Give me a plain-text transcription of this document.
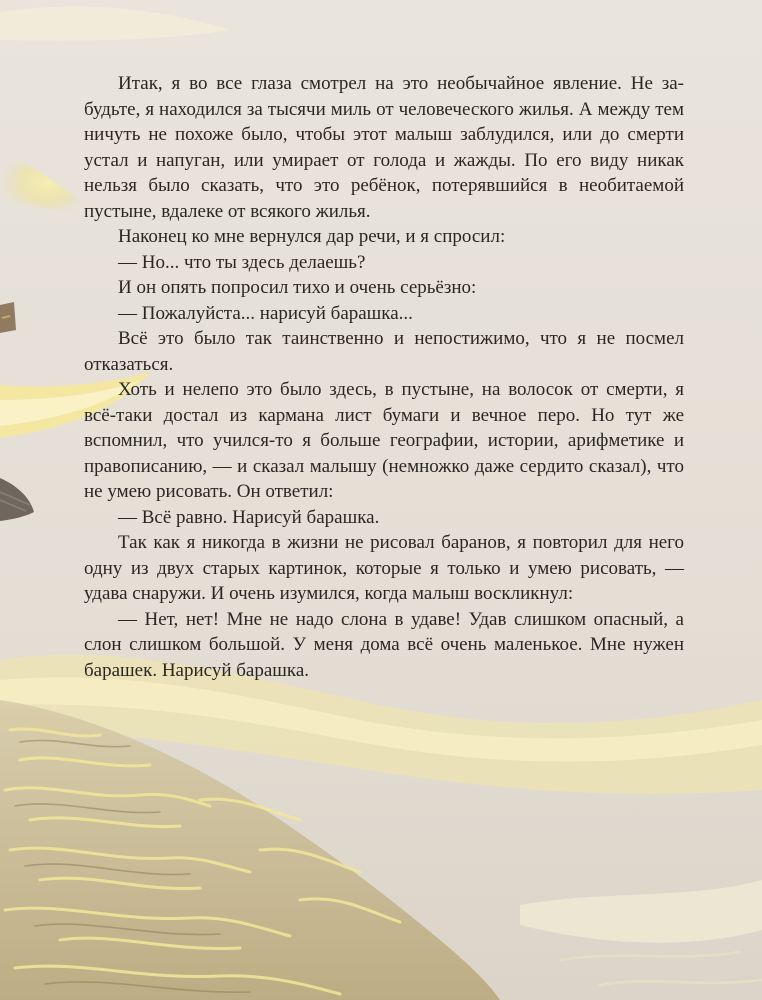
Итак, я во все глаза смотрел на это необычайное явление. Не забудьте, я находился за тысячи миль от человеческого жилья. А между тем ничуть не похоже было, чтобы этот малыш заблудился, или до смерти устал и напуган, или умирает от голода и жажды. По его виду никак нельзя было сказать, что это ребёнок, потерявшийся в необитаемой пустыне, вдалеке от всякого жилья.

Наконец ко мне вернулся дар речи, и я спросил:

— Но... что ты здесь делаешь?

И он опять попросил тихо и очень серьёзно:

— Пожалуйста... нарисуй барашка...

Всё это было так таинственно и непостижимо, что я не посмел отказаться.

Хоть и нелепо это было здесь, в пустыне, на волосок от смерти, я всё-таки достал из кармана лист бумаги и вечное перо. Но тут же вспомнил, что учился-то я больше географии, истории, арифметике и правописанию, — и сказал малышу (немножко даже сердито сказал), что не умею рисовать. Он ответил:

— Всё равно. Нарисуй барашка.

Так как я никогда в жизни не рисовал баранов, я повторил для него одну из двух старых картинок, которые я только и умею рисовать, — удава снаружи. И очень изумился, когда малыш воскликнул:

— Нет, нет! Мне не надо слона в удаве! Удав слишком опасный, а слон слишком большой. У меня дома всё очень маленькое. Мне нужен барашек. Нарисуй барашка.
